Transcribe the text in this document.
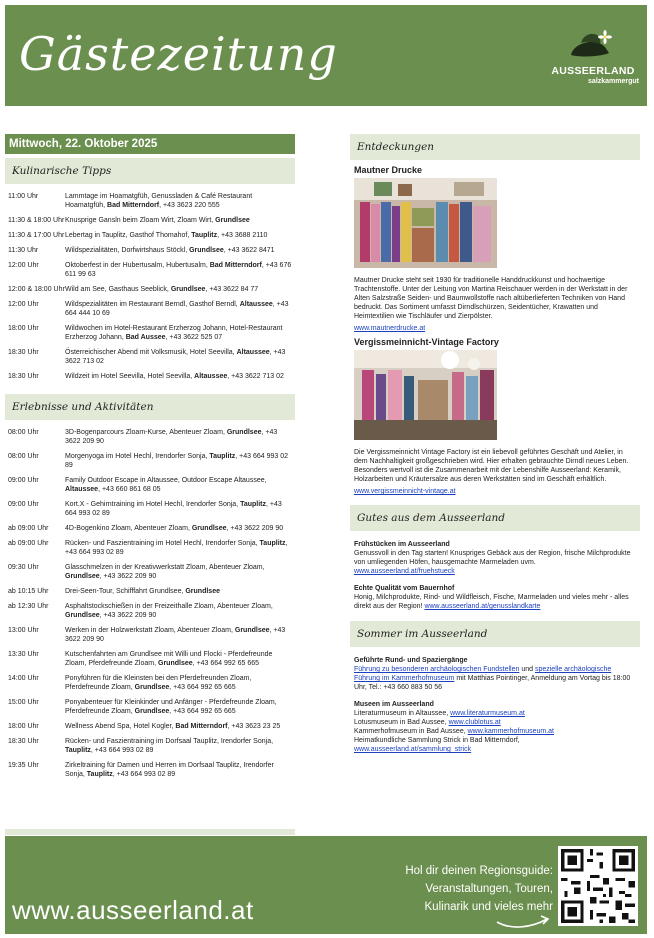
Gästezeitung	AUSSEERLAND
salzkammergut
Mittwoch, 22. Oktober 2025
Kulinarische Tipps
11:00 Uhr	Lammtage im Hoamatgfüh, Genussladen & Café Restaurant Hoamatgfüh, Bad Mitterndorf, +43 3623 220 555
11:30 & 18:00 Uhr Knusprige Gansln beim Zloam Wirt, Zloam Wirt, Grundlsee
11:30 & 17:00 Uhr Lebertag in Tauplitz, Gasthof Thomahof, Tauplitz, +43 3688 2110
11:30 Uhr	Wildspezialitäten, Dorfwirtshaus Stöckl, Grundlsee, +43 3622 8471
12:00 Uhr	Oktoberfest in der Hubertusalm, Hubertusalm, Bad Mitterndorf, +43 676 611 99 63
12:00 & 18:00 Uhr Wild am See, Gasthaus Seeblick, Grundlsee, +43 3622 84 77
12:00 Uhr	Wildspezialitäten im Restaurant Berndl, Gasthof Berndl, Altaussee, +43 664 444 10 69
18:00 Uhr	Wildwochen im Hotel-Restaurant Erzherzog Johann, Hotel-Restaurant Erzherzog Johann, Bad Aussee, +43 3622 525 07
18:30 Uhr	Österreichischer Abend mit Volksmusik, Hotel Seevilla, Altaussee, +43 3622 713 02
18:30 Uhr	Wildzeit im Hotel Seevilla, Hotel Seevilla, Altaussee, +43 3622 713 02
Erlebnisse und Aktivitäten
08:00 Uhr	3D-Bogenparcours Zloam-Kurse, Abenteuer Zloam, Grundlsee, +43 3622 209 90
08:00 Uhr	Morgenyoga im Hotel Hechl, Irendorfer Sonja, Tauplitz, +43 664 993 02 89
09:00 Uhr	Family Outdoor Escape in Altaussee, Outdoor Escape Altaussee, Altaussee, +43 660 861 68 05
09:00 Uhr	Kort.X - Gehirntraining im Hotel Hechl, Irendorfer Sonja, Tauplitz, +43 664 993 02 89
ab 09:00 Uhr	4D-Bogenkino Zloam, Abenteuer Zloam, Grundlsee, +43 3622 209 90
ab 09:00 Uhr	Rücken- und Faszientraining im Hotel Hechl, Irendorfer Sonja, Tauplitz, +43 664 993 02 89
09:30 Uhr	Glasschmelzen in der Kreativwerkstatt Zloam, Abenteuer Zloam, Grundlsee, +43 3622 209 90
ab 10:15 Uhr	Drei-Seen-Tour, Schifffahrt Grundlsee, Grundlsee
ab 12:30 Uhr	Asphaltstockschießen in der Freizeithalle Zloam, Abenteuer Zloam, Grundlsee, +43 3622 209 90
13:00 Uhr	Werken in der Holzwerkstatt Zloam, Abenteuer Zloam, Grundlsee, +43 3622 209 90
13:30 Uhr	Kutschenfahrten am Grundlsee mit Willi und Flocki - Pferdefreunde Zloam, Pferdefreunde Zloam, Grundlsee, +43 664 992 65 665
14:00 Uhr	Ponyführen für die Kleinsten bei den Pferdefreunden Zloam, Pferdefreunde Zloam, Grundlsee, +43 664 992 65 665
15:00 Uhr	Ponyabenteuer für Kleinkinder und Anfänger - Pferdefreunde Zloam, Pferdefreunde Zloam, Grundlsee, +43 664 992 65 665
18:00 Uhr	Wellness Abend Spa, Hotel Kogler, Bad Mitterndorf, +43 3623 23 25
18:30 Uhr	Rücken- und Faszientraining im Dorfsaal Tauplitz, Irendorfer Sonja, Tauplitz, +43 664 993 02 89
19:35 Uhr	Zirkeltraining für Damen und Herren im Dorfsaal Tauplitz, Irendorfer Sonja, Tauplitz, +43 664 993 02 89
Entdeckungen
Mautner Drucke
Mautner Drucke steht seit 1930 für traditionelle Handdruckkunst und hochwertige Trachtenstoffe. Unter der Leitung von Martina Reischauer werden in der Werkstatt in der Alten Salzstraße Seiden- und Baumwollstoffe nach altüberlieferten Techniken von Hand bedruckt. Das Sortiment umfasst Dirndlschürzen, Seidentücher, Krawatten und Heimtextilien wie Tischläufer und Zierpölster.
www.mautnerdrucke.at
Vergissmeinnicht-Vintage Factory
Die Vergissmeinnicht Vintage Factory ist ein liebevoll geführtes Geschäft und Atelier, in dem Nachhaltigkeit großgeschrieben wird. Hier erhalten gebrauchte Dirndl neues Leben. Besonders wertvoll ist die Zusammenarbeit mit der Lebenshilfe Ausseerland: Keramik, Holzarbeiten und Kräutersalze aus deren Werkstätten sind im Geschäft erhältlich.
www.vergissmeinnicht-vintage.at
Gutes aus dem Ausseerland
Frühstücken im Ausseerland
Genussvoll in den Tag starten! Knuspriges Gebäck aus der Region, frische Milchprodukte von umliegenden Höfen, hausgemachte Marmeladen uvm.
www.ausseerland.at/fruehstueck
Echte Qualität vom Bauernhof
Honig, Milchprodukte, Rind- und Wildfleisch, Fische, Marmeladen und vieles mehr - alles direkt aus der Region! www.ausseerland.at/genusslandkarte
Sommer im Ausseerland
Geführte Rund- und Spaziergänge
Führung zu besonderen archäologischen Fundstellen und spezielle archäologische Führung im Kammerhofmuseum mit Matthias Pointinger, Anmeldung am Vortag bis 18:00 Uhr, Tel.: +43 660 883 50 56
Museen im Ausseerland
Literaturmuseum in Altaussee, www.literaturmuseum.at
Lotusmuseum in Bad Aussee, www.clublotus.at
Kammerhofmuseum in Bad Aussee, www.kammerhofmuseum.at
Heimatkundliche Sammlung Strick in Bad Mitterndorf,
www.ausseerland.at/sammlung_strick
www.ausseerland.at
Hol dir deinen Regionsguide:
Veranstaltungen, Touren,
Kulinarik und vieles mehr
